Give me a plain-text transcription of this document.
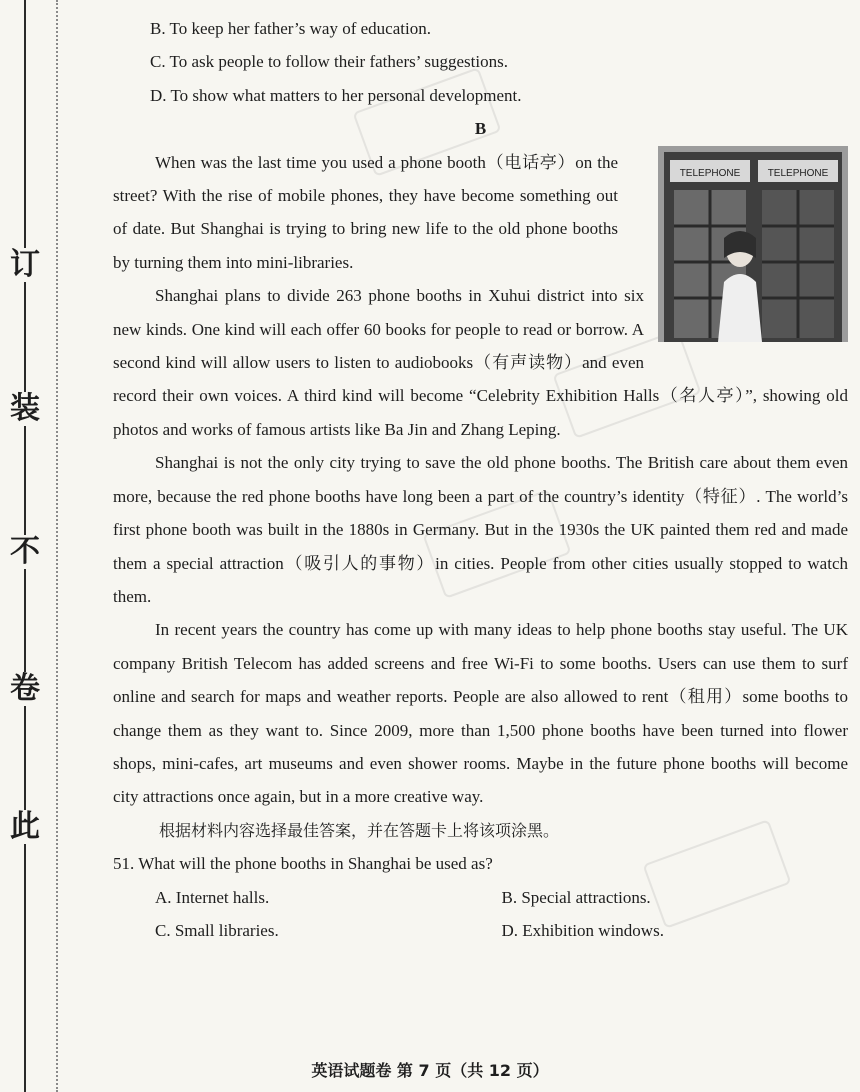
订
装
不
卷
此
B. To keep her father’s way of education.
C. To ask people to follow their fathers’ suggestions.
D. To show what matters to her personal development.
B
TELEPHONE	TELEPHONE

When was the last time you used a phone booth（电话亭）on the street? With the rise of mobile phones, they have become something out of date. But Shanghai is trying to bring new life to the old phone booths by turning them into mini-libraries.

Shanghai plans to divide 263 phone booths in Xuhui district into six new kinds. One kind will each offer 60 books for people to read or borrow. A second kind will allow users to listen to audiobooks（有声读物）and even record their own voices. A third kind will become “Celebrity Exhibition Halls（名人亭）”, showing old photos and works of famous artists like Ba Jin and Zhang Leping.

Shanghai is not the only city trying to save the old phone booths. The British care about them even more, because the red phone booths have long been a part of the country’s identity（特征）. The world’s first phone booth was built in the 1880s in Germany. But in the 1930s the UK painted them red and made them a special attraction（吸引人的事物）in cities. People from other cities usually stopped to watch them.

In recent years the country has come up with many ideas to help phone booths stay useful. The UK company British Telecom has added screens and free Wi-Fi to some booths. Users can use them to surf online and search for maps and weather reports. People are also allowed to rent（租用）some booths to change them as they want to. Since 2009, more than 1,500 phone booths have been turned into flower shops, mini-cafes, art museums and even shower rooms. Maybe in the future phone booths will become city attractions once again, but in a more creative way.

根据材料内容选择最佳答案，并在答题卡上将该项涂黑。
51. What will the phone booths in Shanghai be used as?
A. Internet halls.	B. Special attractions.
C. Small libraries.	D. Exhibition windows.
英语试题卷 第 7 页（共 12 页）
